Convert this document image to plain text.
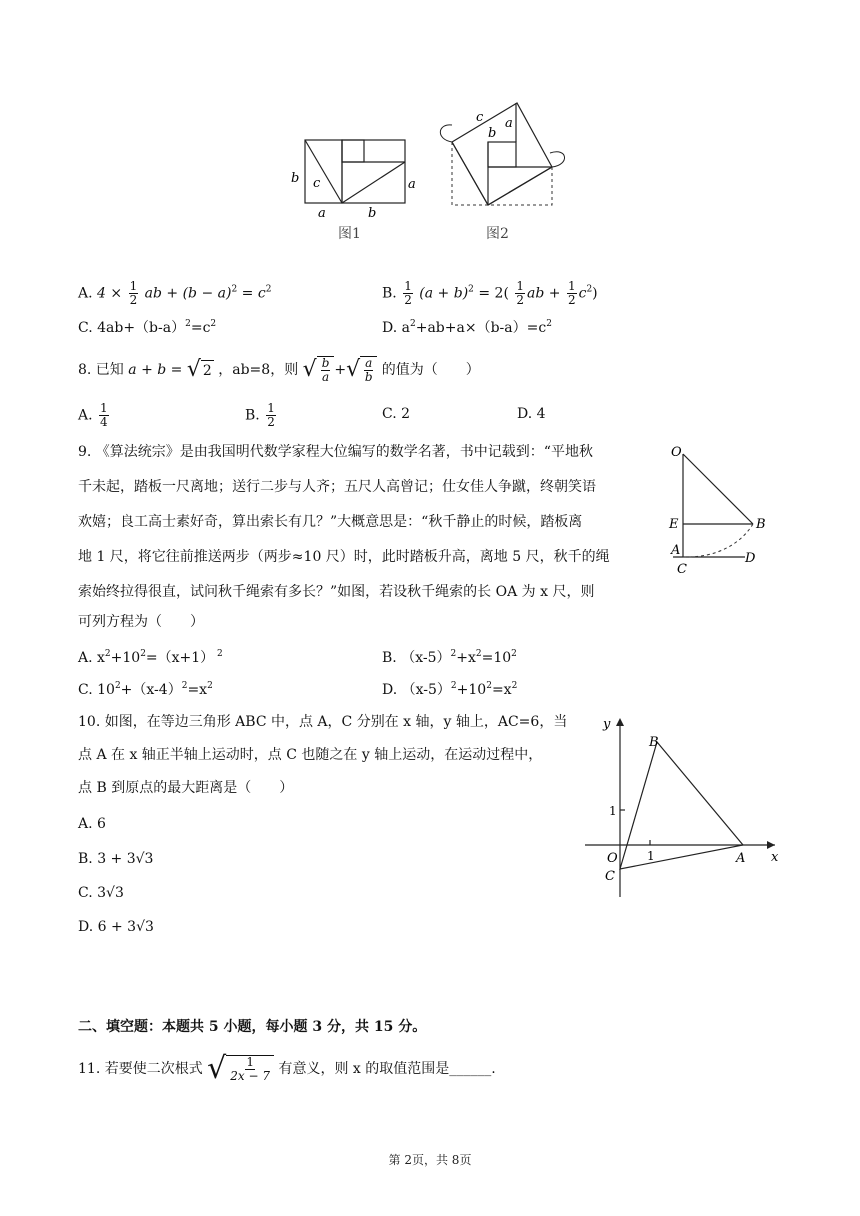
b c
a	b
a
图1
c
b
a
图2
A. $4 \times \frac{1}{2}$ ab + $(b - a)^2 = c^2$	B. $\frac{1}{2} (a + b)^2 = 2( \frac{1}{2}$ ab + $\frac{1}{2} c^2$)
C. $4ab+(b-a)^2=c^2$	D. $a^2+ab+a\times(b-a)=c^2$
8. 已知 a + b = √ 2 ，ab=8，则 √ $\frac{b}{a}$ + √ $\frac{a}{b}$ 的值为（　　）
A. $\frac{1}{4}$	B. $\frac{1}{2}$	C. 2	D. 4
9. 《算法统宗》是由我国明代数学家程大位编写的数学名著，书中记载到：“平地秋
千未起，踏板一尺离地；送行二步与人齐；五尺人高曾记；仕女佳人争蹴，终朝笑语
欢嬉；良工高士素好奇，算出索长有几？”大概意思是：“秋千静止的时候，踏板离
地 1 尺，将它往前推送两步（两步≈10 尺）时，此时踏板升高，离地 5 尺，秋千的绳
索始终拉得很直，试问秋千绳索有多长？”如图，若设秋千绳索的长 OA 为 x 尺，则
可列方程为（　　）
O
E	B
A
C
D
A. $x^2+10^2=(x+1)$ $^2$	B. $(x-5)^2+x^2=10^2$
C. $10^2+(x-4)^2=x^2$	D. $(x-5)^2+10^2=x^2$
10. 如图，在等边三角形 ABC 中，点 A，C 分别在 x 轴，y 轴上，AC=6，当
点 A 在 x 轴正半轴上运动时，点 C 也随之在 y 轴上运动，在运动过程中，
点 B 到原点的最大距离是（　　）
A. 6
B. 3 + 3√3
C. 3√3
D. 6 + 3√3
y
x
B
O
C
A
1
1
二、填空题：本题共 5 小题，每小题 3 分，共 15 分。
11. 若要使二次根式 √ $\frac{1}{2x - 7}$ 有意义，则 x 的取值范围是______.
第 2页，共 8页
